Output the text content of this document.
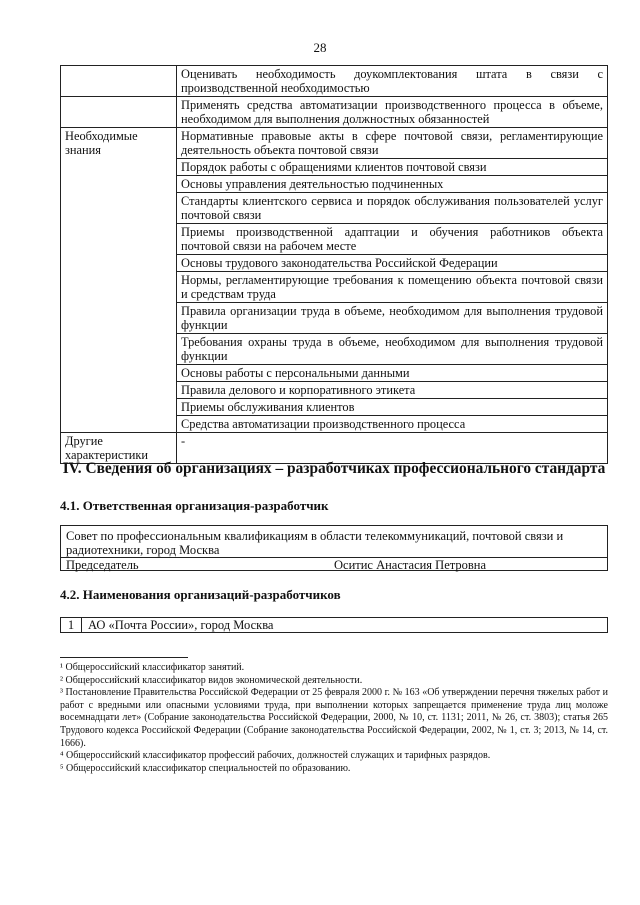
28
	Оценивать необходимость доукомплектования штата в связи с производственной необходимостью
	Применять средства автоматизации производственного процесса в объеме, необходимом для выполнения должностных обязанностей
Необходимые знания	Нормативные правовые акты в сфере почтовой связи, регламентирующие деятельность объекта почтовой связи
	Порядок работы с обращениями клиентов почтовой связи
	Основы управления деятельностью подчиненных
	Стандарты клиентского сервиса и порядок обслуживания пользователей услуг почтовой связи
	Приемы производственной адаптации и обучения работников объекта почтовой связи на рабочем месте
	Основы трудового законодательства Российской Федерации
	Нормы, регламентирующие требования к помещению объекта почтовой связи и средствам труда
	Правила организации труда в объеме, необходимом для выполнения трудовой функции
	Требования охраны труда в объеме, необходимом для выполнения трудовой функции
	Основы работы с персональными данными
	Правила делового и корпоративного этикета
	Приемы обслуживания клиентов
	Средства автоматизации производственного процесса
Другие характеристики	-
IV. Сведения об организациях – разработчиках профессионального стандарта
4.1. Ответственная организация-разработчик
Совет по профессиональным квалификациям в области телекоммуникаций, почтовой связи и радиотехники, город Москва
Председатель	Оситис Анастасия Петровна
4.2. Наименования организаций-разработчиков
1	АО «Почта России», город Москва

¹ Общероссийский классификатор занятий.

² Общероссийский классификатор видов экономической деятельности.

³ Постановление Правительства Российской Федерации от 25 февраля 2000 г. № 163 «Об утверждении перечня тяжелых работ и работ с вредными или опасными условиями труда, при выполнении которых запрещается применение труда лиц моложе восемнадцати лет» (Собрание законодательства Российской Федерации, 2000, № 10, ст. 1131; 2011, № 26, ст. 3803); статья 265 Трудового кодекса Российской Федерации (Собрание законодательства Российской Федерации, 2002, № 1, ст. 3; 2013, № 14, ст. 1666).

⁴ Общероссийский классификатор профессий рабочих, должностей служащих и тарифных разрядов.

⁵ Общероссийский классификатор специальностей по образованию.
